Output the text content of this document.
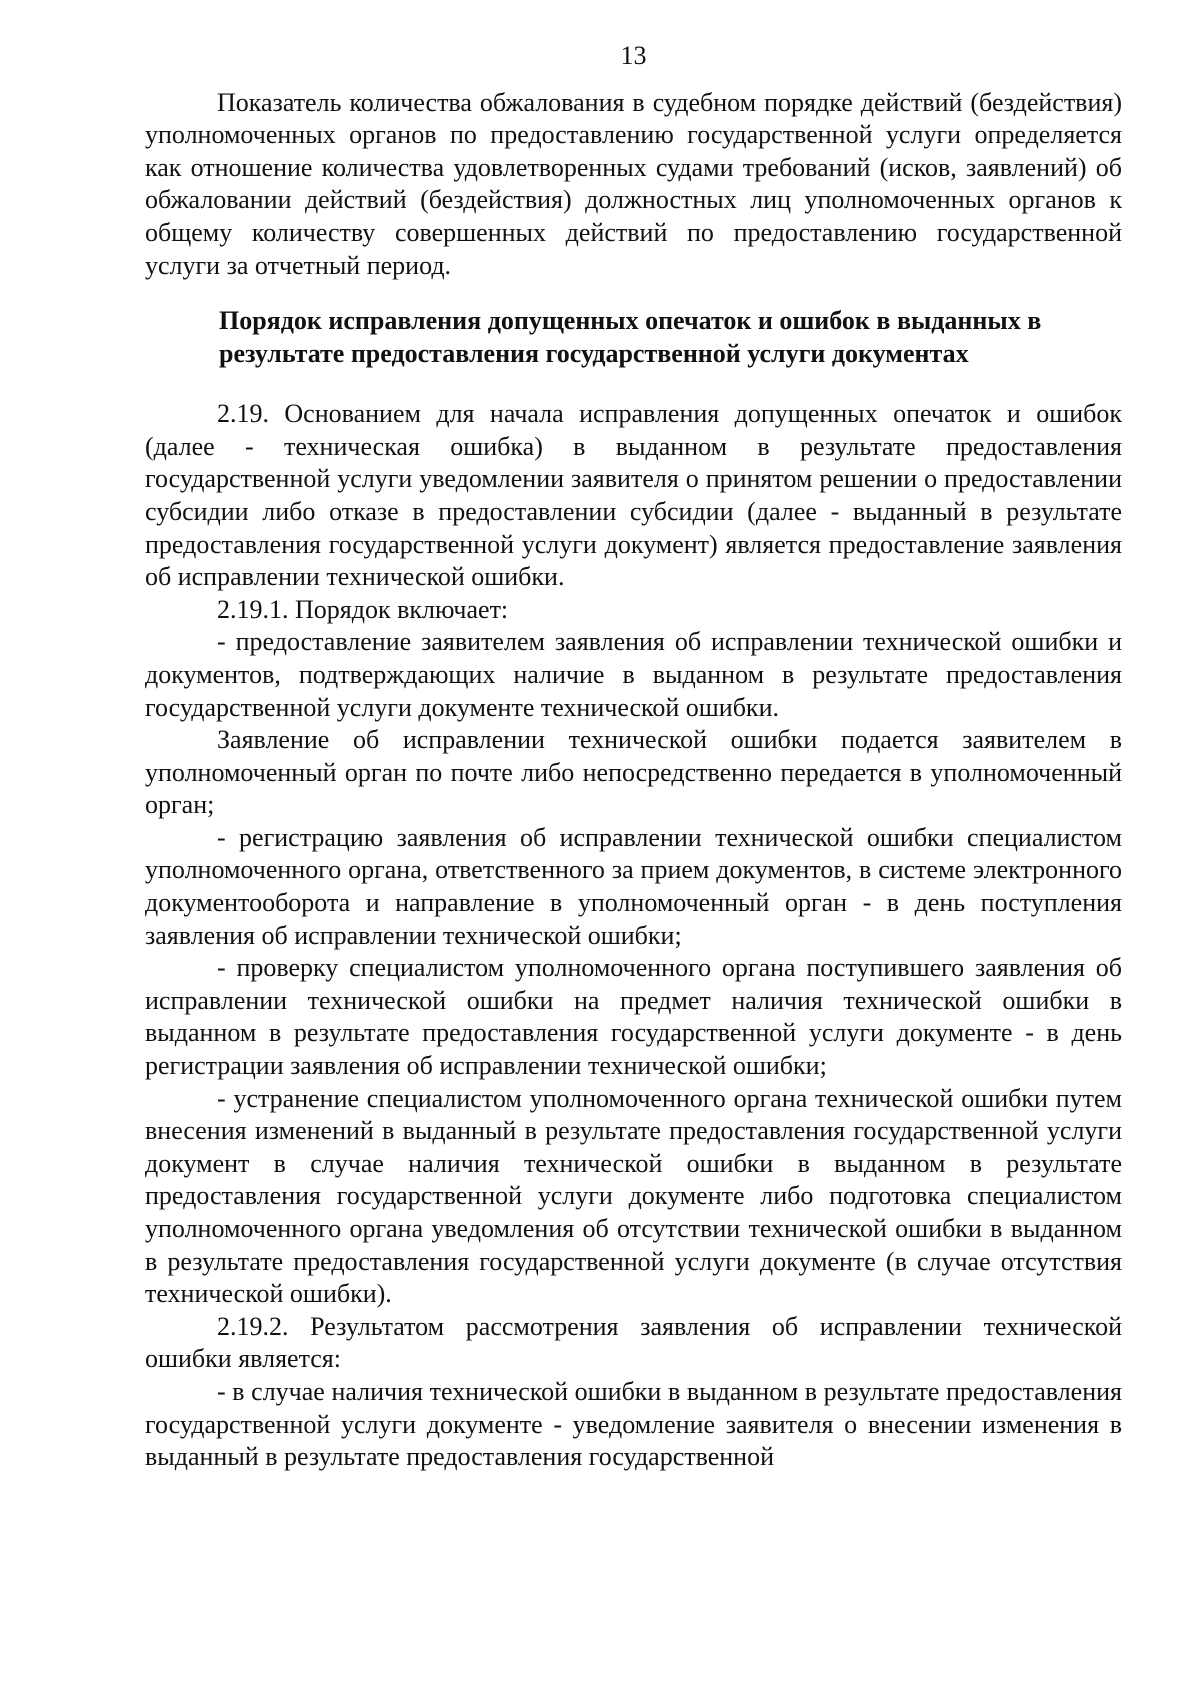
13

Показатель количества обжалования в судебном порядке действий (бездействия) уполномоченных органов по предоставлению государственной услуги определяется как отношение количества удовлетворенных судами требований (исков, заявлений) об обжаловании действий (бездействия) должностных лиц уполномоченных органов к общему количеству совершенных действий по предоставлению государственной услуги за отчетный период.

Порядок исправления допущенных опечаток и ошибок в выданных в
результате предоставления государственной услуги документах

2.19. Основанием для начала исправления допущенных опечаток и ошибок (далее - техническая ошибка) в выданном в результате предоставления государственной услуги уведомлении заявителя о принятом решении о предоставлении субсидии либо отказе в предоставлении субсидии (далее - выданный в результате предоставления государственной услуги документ) является предоставление заявления об исправлении технической ошибки.

2.19.1. Порядок включает:

- предоставление заявителем заявления об исправлении технической ошибки и документов, подтверждающих наличие в выданном в результате предоставления государственной услуги документе технической ошибки.

Заявление об исправлении технической ошибки подается заявителем в уполномоченный орган по почте либо непосредственно передается в уполномоченный орган;

- регистрацию заявления об исправлении технической ошибки специалистом уполномоченного органа, ответственного за прием документов, в системе электронного документооборота и направление в уполномоченный орган - в день поступления заявления об исправлении технической ошибки;

- проверку специалистом уполномоченного органа поступившего заявления об исправлении технической ошибки на предмет наличия технической ошибки в выданном в результате предоставления государственной услуги документе - в день регистрации заявления об исправлении технической ошибки;

- устранение специалистом уполномоченного органа технической ошибки путем внесения изменений в выданный в результате предоставления государственной услуги документ в случае наличия технической ошибки в выданном в результате предоставления государственной услуги документе либо подготовка специалистом уполномоченного органа уведомления об отсутствии технической ошибки в выданном в результате предоставления государственной услуги документе (в случае отсутствия технической ошибки).

2.19.2. Результатом рассмотрения заявления об исправлении технической ошибки является:

- в случае наличия технической ошибки в выданном в результате предоставления государственной услуги документе - уведомление заявителя о внесении изменения в выданный в результате предоставления государственной
